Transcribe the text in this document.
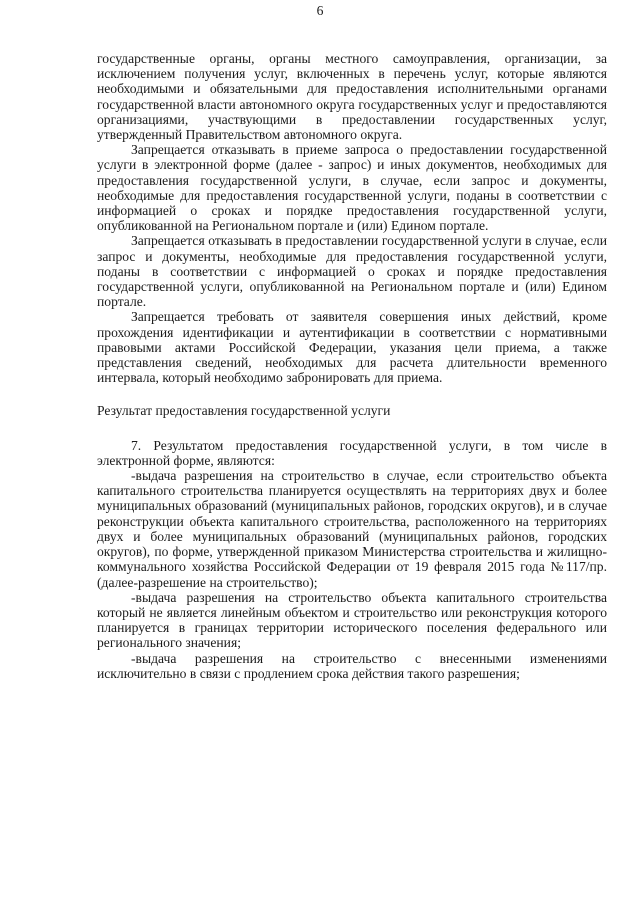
6

государственные органы, органы местного самоуправления, организации, за исключением получения услуг, включенных в перечень услуг, которые являются необходимыми и обязательными для предоставления исполнительными органами государственной власти автономного округа государственных услуг и предоставляются организациями, участвующими в предоставлении государственных услуг, утвержденный Правительством автономного округа.

Запрещается отказывать в приеме запроса о предоставлении государственной услуги в электронной форме (далее - запрос) и иных документов, необходимых для предоставления государственной услуги, в случае, если запрос и документы, необходимые для предоставления государственной услуги, поданы в соответствии с информацией о сроках и порядке предоставления государственной услуги, опубликованной на Региональном портале и (или) Едином портале.

Запрещается отказывать в предоставлении государственной услуги в случае, если запрос и документы, необходимые для предоставления государственной услуги, поданы в соответствии с информацией о сроках и порядке предоставления государственной услуги, опубликованной на Региональном портале и (или) Едином портале.

Запрещается требовать от заявителя совершения иных действий, кроме прохождения идентификации и аутентификации в соответствии с нормативными правовыми актами Российской Федерации, указания цели приема, а также представления сведений, необходимых для расчета длительности временного интервала, который необходимо забронировать для приема.

Результат предоставления государственной услуги

7. Результатом предоставления государственной услуги, в том числе в электронной форме, являются:

-выдача разрешения на строительство в случае, если строительство объекта капитального строительства планируется осуществлять на территориях двух и более муниципальных образований (муниципальных районов, городских округов), и в случае реконструкции объекта капитального строительства, расположенного на территориях двух и более муниципальных образований (муниципальных районов, городских округов), по форме, утвержденной приказом Министерства строительства и жилищно-коммунального хозяйства Российской Федерации от 19 февраля 2015 года №117/пр. (далее-разрешение на строительство);

-выдача разрешения на строительство объекта капитального строительства который не является линейным объектом и строительство или реконструкция которого планируется в границах территории исторического поселения федерального или регионального значения;

-выдача разрешения на строительство с внесенными изменениями исключительно в связи с продлением срока действия такого разрешения;
